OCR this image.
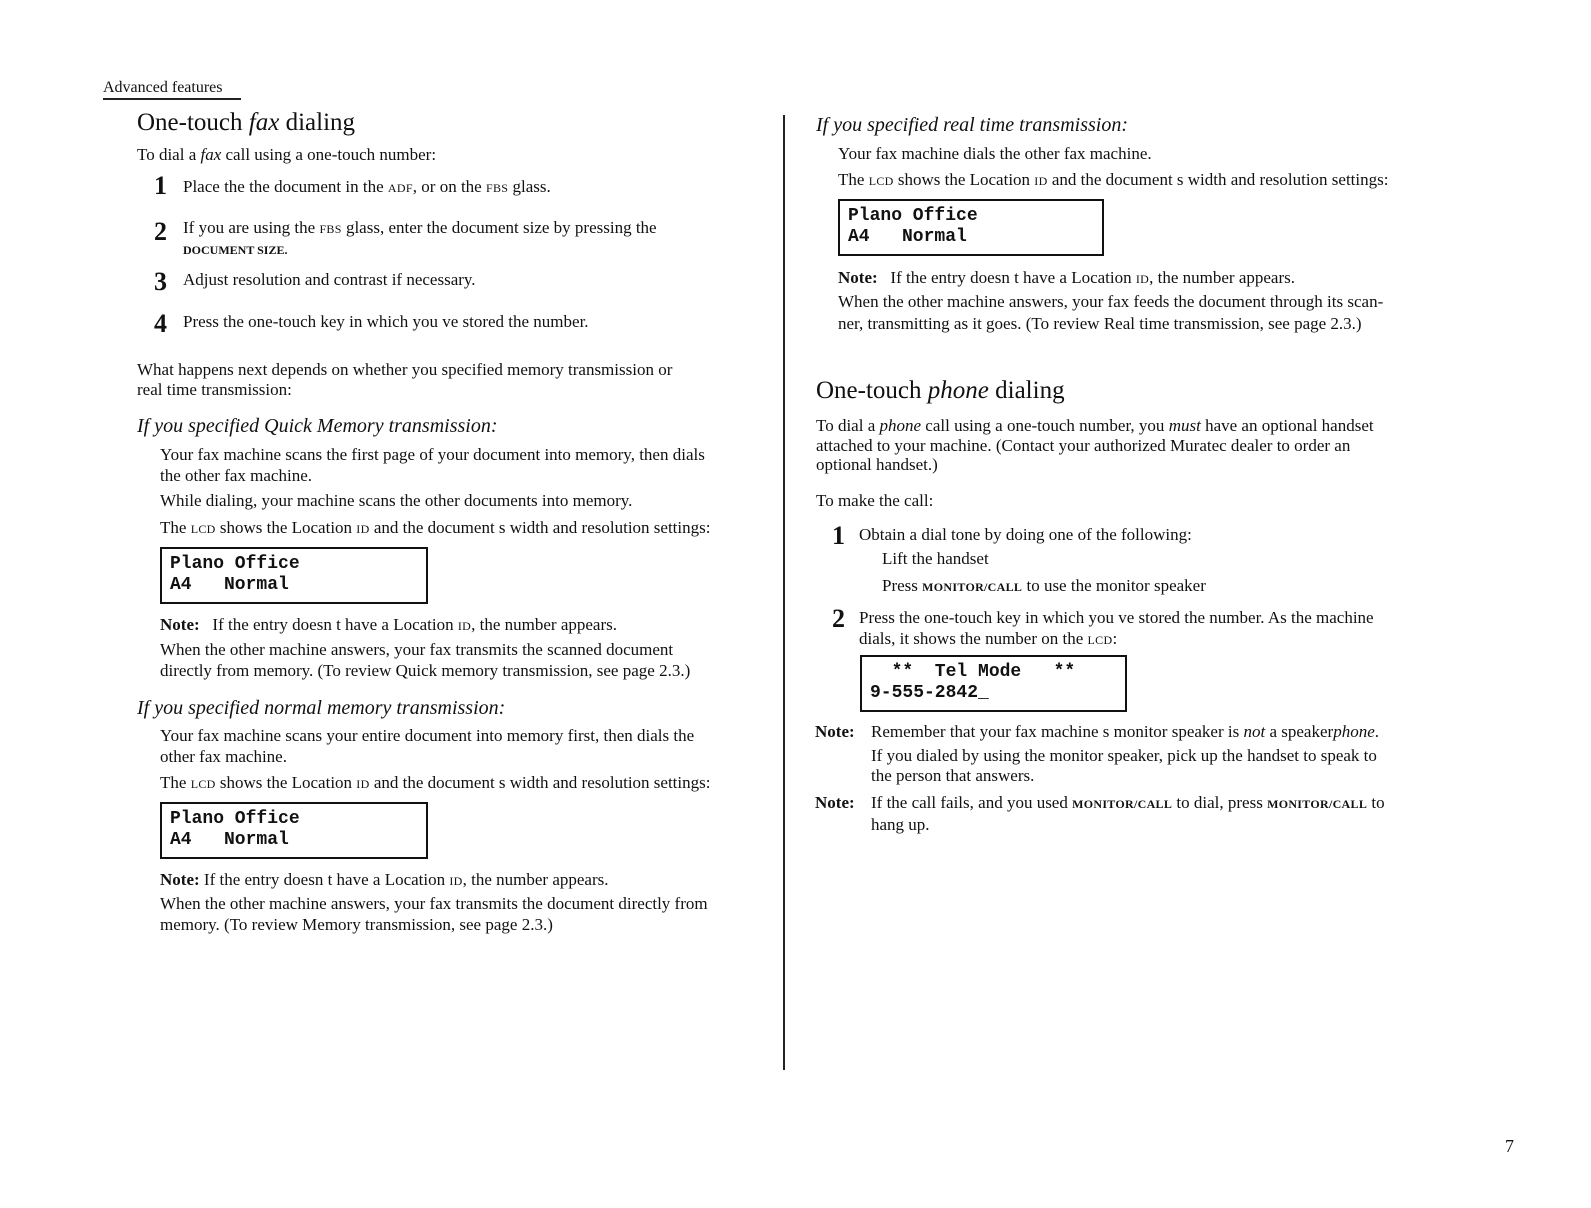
Advanced features
One-touch fax dialing
To dial a fax call using a one-touch number:
1 Place the the document in the ADF, or on the FBS glass.
2 If you are using the FBS glass, enter the document size by pressing the
DOCUMENT SIZE.
3 Adjust resolution and contrast if necessary.
4 Press the one-touch key in which you ve stored the number.
What happens next depends on whether you specified memory transmission or
real time transmission:
If you specified Quick Memory transmission:
Your fax machine scans the first page of your document into memory, then dials
the other fax machine.
While dialing, your machine scans the other documents into memory.
The LCD shows the Location ID and the document s width and resolution settings:
Plano Office
A4   Normal
Note: If the entry doesn t have a Location ID, the number appears.
When the other machine answers, your fax transmits the scanned document
directly from memory. (To review Quick memory transmission, see page 2.3.)
If you specified normal memory transmission:
Your fax machine scans your entire document into memory first, then dials the
other fax machine.
The LCD shows the Location ID and the document s width and resolution settings:
Plano Office
A4   Normal
Note: If the entry doesn t have a Location ID, the number appears.
When the other machine answers, your fax transmits the document directly from
memory. (To review Memory transmission, see page 2.3.)
If you specified real time transmission:
Your fax machine dials the other fax machine.
The LCD shows the Location ID and the document s width and resolution settings:
Plano Office
A4   Normal
Note: If the entry doesn t have a Location ID, the number appears.
When the other machine answers, your fax feeds the document through its scan-
ner, transmitting as it goes. (To review Real time transmission, see page 2.3.)
One-touch phone dialing
To dial a phone call using a one-touch number, you must have an optional handset
attached to your machine. (Contact your authorized Muratec dealer to order an
optional handset.)
To make the call:
1 Obtain a dial tone by doing one of the following:
Lift the handset
Press MONITOR/CALL to use the monitor speaker
2 Press the one-touch key in which you ve stored the number. As the machine
dials, it shows the number on the LCD:
**  Tel Mode   **
9-555-2842_
Note: Remember that your fax machine s monitor speaker is not a speakerphone.
If you dialed by using the monitor speaker, pick up the handset to speak to
the person that answers.
Note: If the call fails, and you used MONITOR/CALL to dial, press MONITOR/CALL to
hang up.
7
